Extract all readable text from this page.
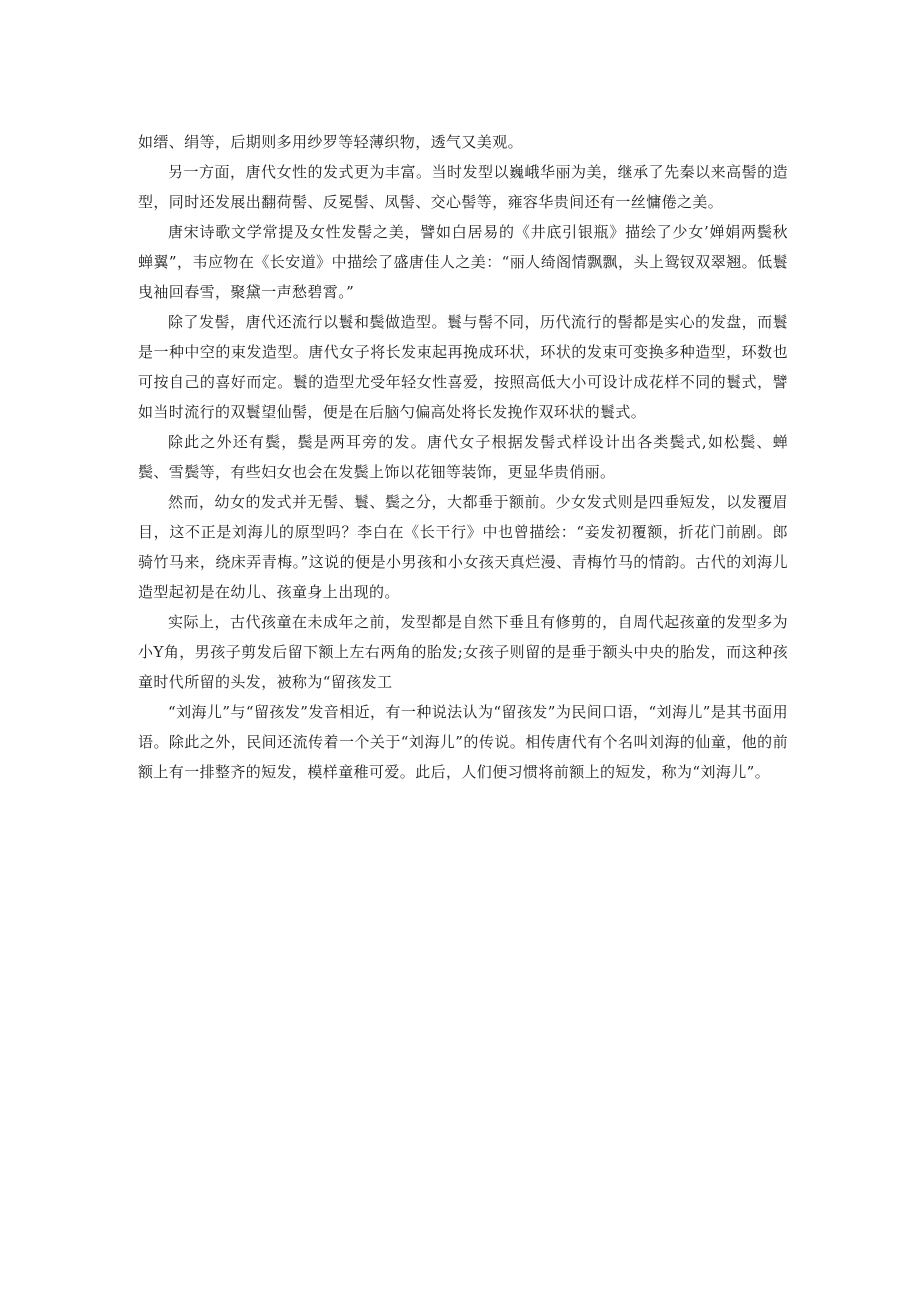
如缙、绢等，后期则多用纱罗等轻薄织物，透气又美观。

另一方面，唐代女性的发式更为丰富。当时发型以巍峨华丽为美，继承了先秦以来高髻的造型，同时还发展出翻荷髻、反冕髻、凤髻、交心髻等，雍容华贵间还有一丝慵倦之美。

唐宋诗歌文学常提及女性发髻之美，譬如白居易的《井底引银瓶》描绘了少女’婵娟两鬓秋蝉翼”，韦应物在《长安道》中描绘了盛唐佳人之美：“丽人绮阁情飘飘，头上鸳钗双翠翘。低鬟曳袖回春雪，聚黛一声愁碧霄。”

除了发髻，唐代还流行以鬟和鬓做造型。鬟与髻不同，历代流行的髻都是实心的发盘，而鬟是一种中空的束发造型。唐代女子将长发束起再挽成环状，环状的发束可变换多种造型，环数也可按自己的喜好而定。鬟的造型尤受年轻女性喜爱，按照高低大小可设计成花样不同的鬟式，譬如当时流行的双鬟望仙髻，便是在后脑勺偏高处将长发挽作双环状的鬟式。

除此之外还有鬓，鬓是两耳旁的发。唐代女子根据发髻式样设计出各类鬓式,如松鬓、蝉鬓、雪鬓等，有些妇女也会在发鬓上饰以花钿等装饰，更显华贵俏丽。

然而，幼女的发式并无髻、鬟、鬓之分，大都垂于额前。少女发式则是四垂短发，以发覆眉目，这不正是刘海儿的原型吗？李白在《长干行》中也曾描绘：“妾发初覆额，折花门前剧。郎骑竹马来，绕床弄青梅。”这说的便是小男孩和小女孩天真烂漫、青梅竹马的情韵。古代的刘海儿造型起初是在幼儿、孩童身上出现的。

实际上，古代孩童在未成年之前，发型都是自然下垂且有修剪的，自周代起孩童的发型多为小Y角，男孩子剪发后留下额上左右两角的胎发;女孩子则留的是垂于额头中央的胎发，而这种孩童时代所留的头发，被称为“留孩发工

“刘海儿”与“留孩发”发音相近，有一种说法认为“留孩发”为民间口语，“刘海儿”是其书面用语。除此之外，民间还流传着一个关于“刘海儿”的传说。相传唐代有个名叫刘海的仙童，他的前额上有一排整齐的短发，模样童稚可爱。此后，人们便习惯将前额上的短发，称为“刘海儿”。
